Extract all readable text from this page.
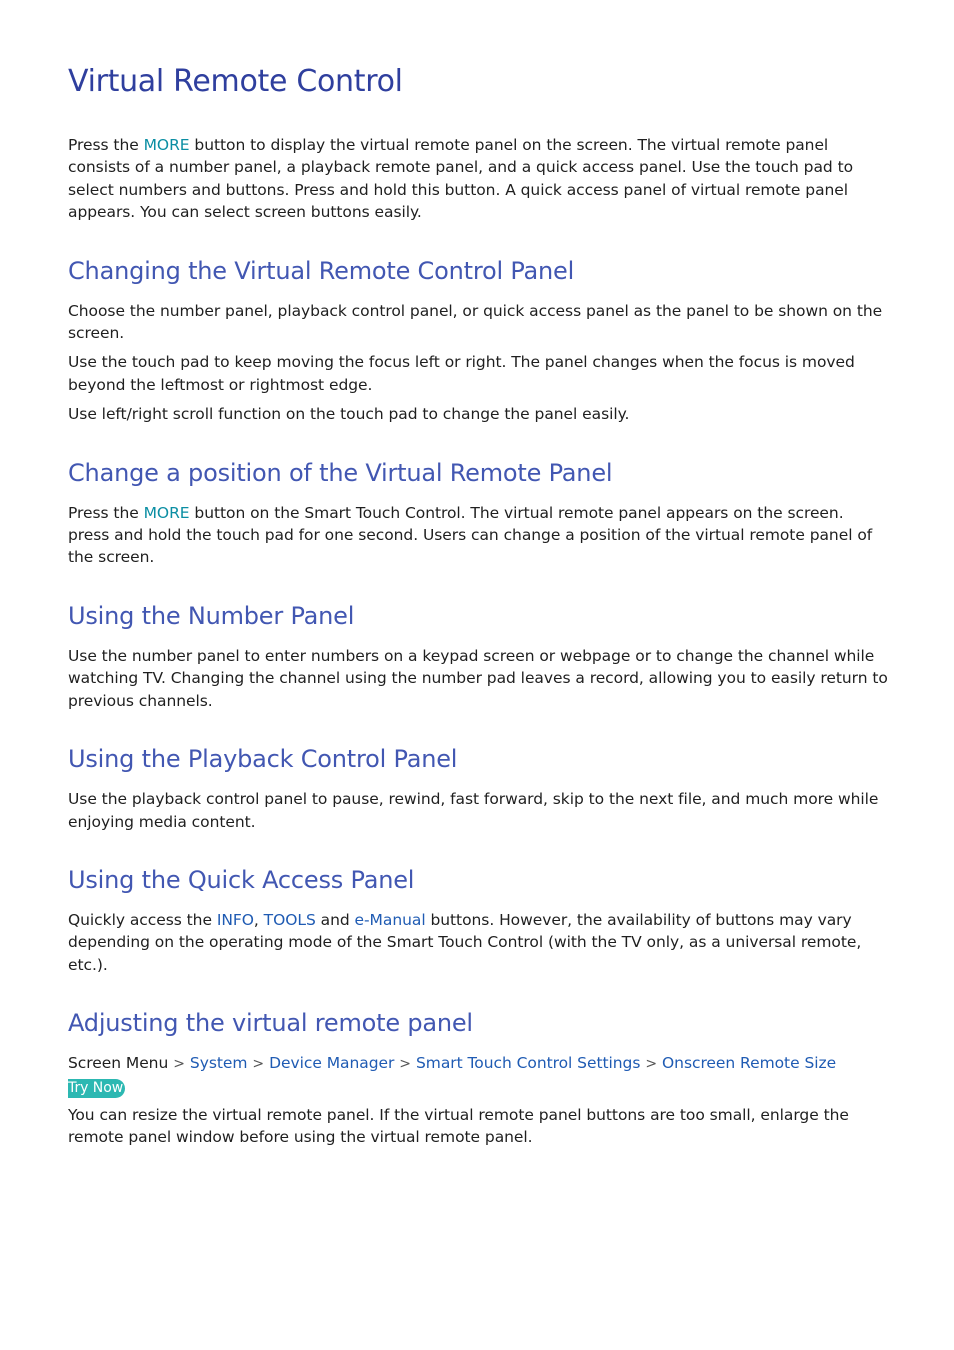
Virtual Remote Control

Press the MORE button to display the virtual remote panel on the screen. The virtual remote panel consists of a number panel, a playback remote panel, and a quick access panel. Use the touch pad to select numbers and buttons. Press and hold this button. A quick access panel of virtual remote panel appears. You can select screen buttons easily.

Changing the Virtual Remote Control Panel

Choose the number panel, playback control panel, or quick access panel as the panel to be shown on the screen.

Use the touch pad to keep moving the focus left or right. The panel changes when the focus is moved beyond the leftmost or rightmost edge.

Use left/right scroll function on the touch pad to change the panel easily.

Change a position of the Virtual Remote Panel

Press the MORE button on the Smart Touch Control. The virtual remote panel appears on the screen. press and hold the touch pad for one second. Users can change a position of the virtual remote panel of the screen.

Using the Number Panel

Use the number panel to enter numbers on a keypad screen or webpage or to change the channel while watching TV. Changing the channel using the number pad leaves a record, allowing you to easily return to previous channels.

Using the Playback Control Panel

Use the playback control panel to pause, rewind, fast forward, skip to the next file, and much more while enjoying media content.

Using the Quick Access Panel

Quickly access the INFO, TOOLS and e-Manual buttons. However, the availability of buttons may vary depending on the operating mode of the Smart Touch Control (with the TV only, as a universal remote, etc.).

Adjusting the virtual remote panel

Screen Menu > System > Device Manager > Smart Touch Control Settings > Onscreen Remote Size

Try Now

You can resize the virtual remote panel. If the virtual remote panel buttons are too small, enlarge the remote panel window before using the virtual remote panel.
